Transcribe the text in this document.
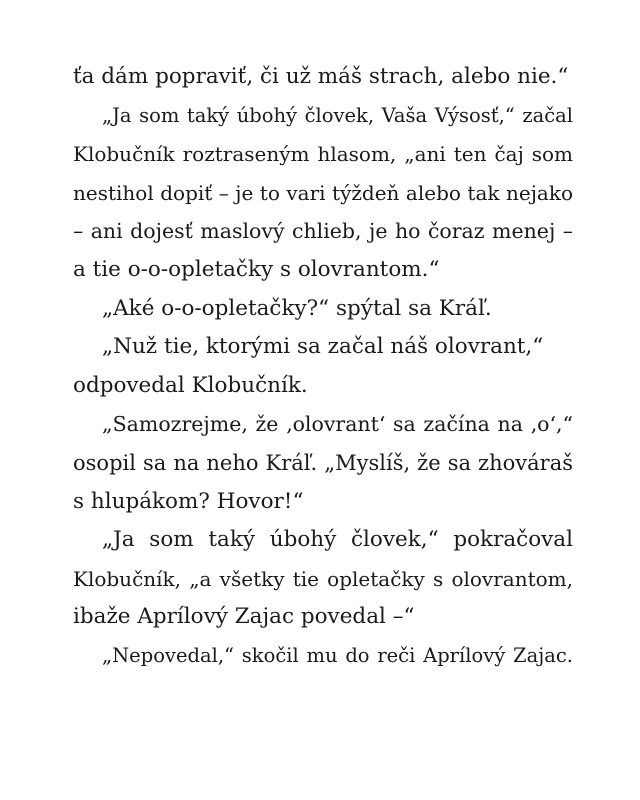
ťa dám popraviť, či už máš strach, alebo nie.“
„Ja som taký úbohý človek, Vaša Výsosť,“ začal
Klobučník roztraseným hlasom, „ani ten čaj som
nestihol dopiť – je to vari týždeň alebo tak nejako
– ani dojesť maslový chlieb, je ho čoraz menej –
a tie o-o-opletačky s olovrantom.“
„Aké o-o-opletačky?“ spýtal sa Kráľ.
„Nuž tie, ktorými sa začal náš olovrant,“
odpovedal Klobučník.
„Samozrejme, že ‚olovrant‘ sa začína na ‚o‘,“
osopil sa na neho Kráľ. „Myslíš, že sa zhováraš
s hlupákom? Hovor!“
„Ja som taký úbohý človek,“ pokračoval
Klobučník, „a všetky tie opletačky s olovrantom,
ibaže Aprílový Zajac povedal –“
„Nepovedal,“ skočil mu do reči Aprílový Zajac.
